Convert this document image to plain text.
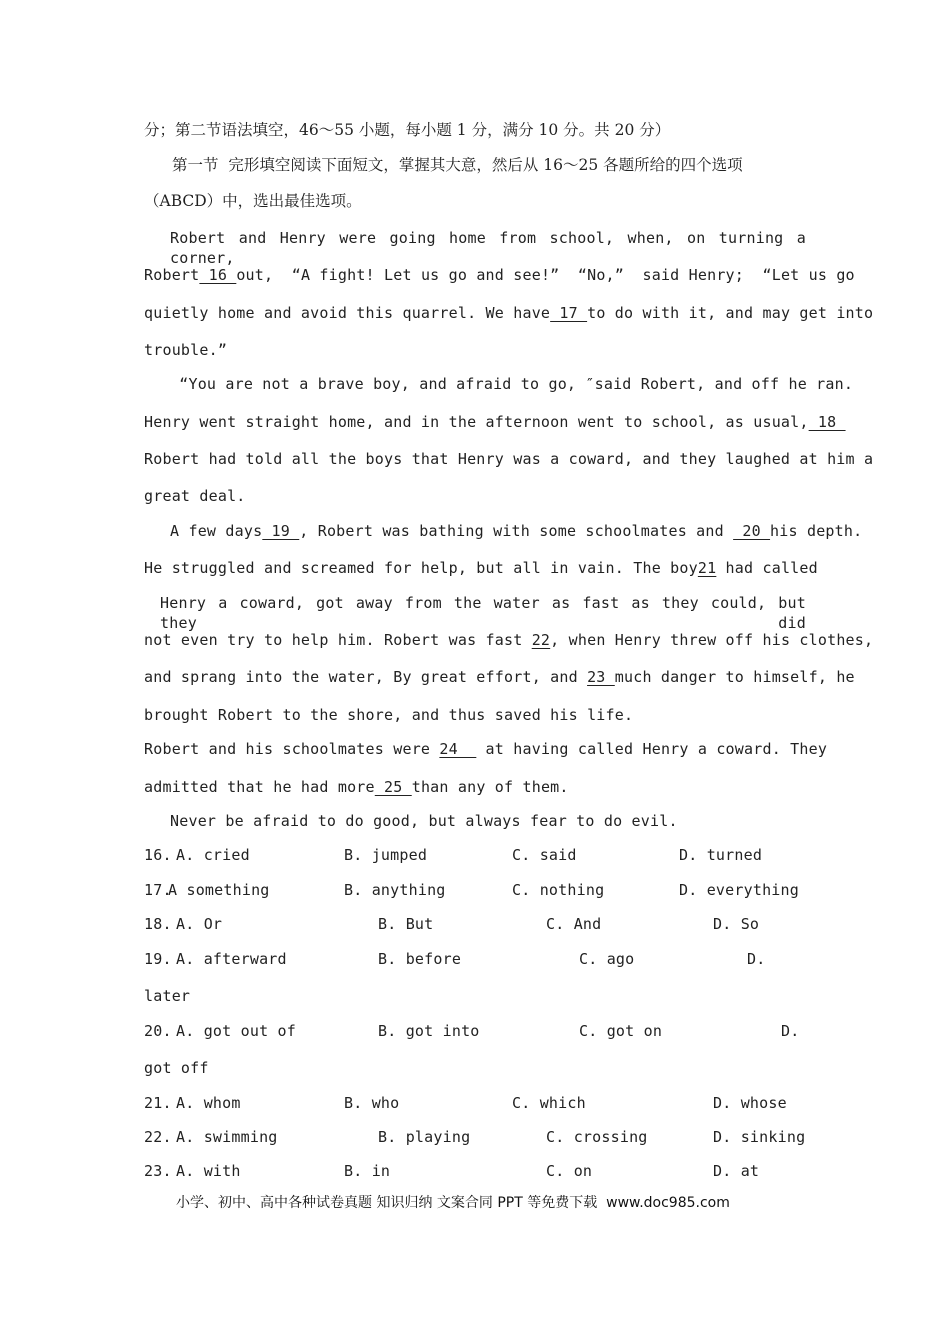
分；第二节语法填空，46～55 小题，每小题 1 分，满分 10 分。共 20 分）
第一节  完形填空阅读下面短文，掌握其大意，然后从 16～25 各题所给的四个选项
（ABCD）中，选出最佳选项。
Robert and Henry were going home from school, when, on turning a corner,
Robert 16 out,  “A fight! Let us go and see!”  “No,”  said Henry;  “Let us go
quietly home and avoid this quarrel. We have 17 to do with it, and may get into
trouble.”
“You are not a brave boy, and afraid to go, ″said Robert, and off he ran.
Henry went straight home, and in the afternoon went to school, as usual, 18
Robert had told all the boys that Henry was a coward, and they laughed at him a
great deal.
A few days 19 , Robert was bathing with some schoolmates and  20 his depth.
He struggled and screamed for help, but all in vain. The boy21 had called
Henry a coward, got away from the water as fast as they could, but they did
not even try to help him. Robert was fast 22, when Henry threw off his clothes,
and sprang into the water, By great effort, and 23 much danger to himself, he
brought Robert to the shore, and thus saved his life.
Robert and his schoolmates were 24   at having called Henry a coward. They
admitted that he had more 25 than any of them.
Never be afraid to do good, but always fear to do evil.
16. A. cried	B. jumped	C. said	D. turned
17.
A something	B. anything	C. nothing	D. everything
18. A. Or	B. But	C. And	D. So
19. A. afterward	B. before	C. ago	D.
later
20. A. got out of	B. got into	C. got on	D.
got off
21. A. whom	B. who	C. which	D. whose
22. A. swimming	B. playing	C. crossing	D. sinking
23. A. with	B. in	C. on	D. at
小学、初中、高中各种试卷真题 知识归纳 文案合同 PPT 等免费下载  www.doc985.com
